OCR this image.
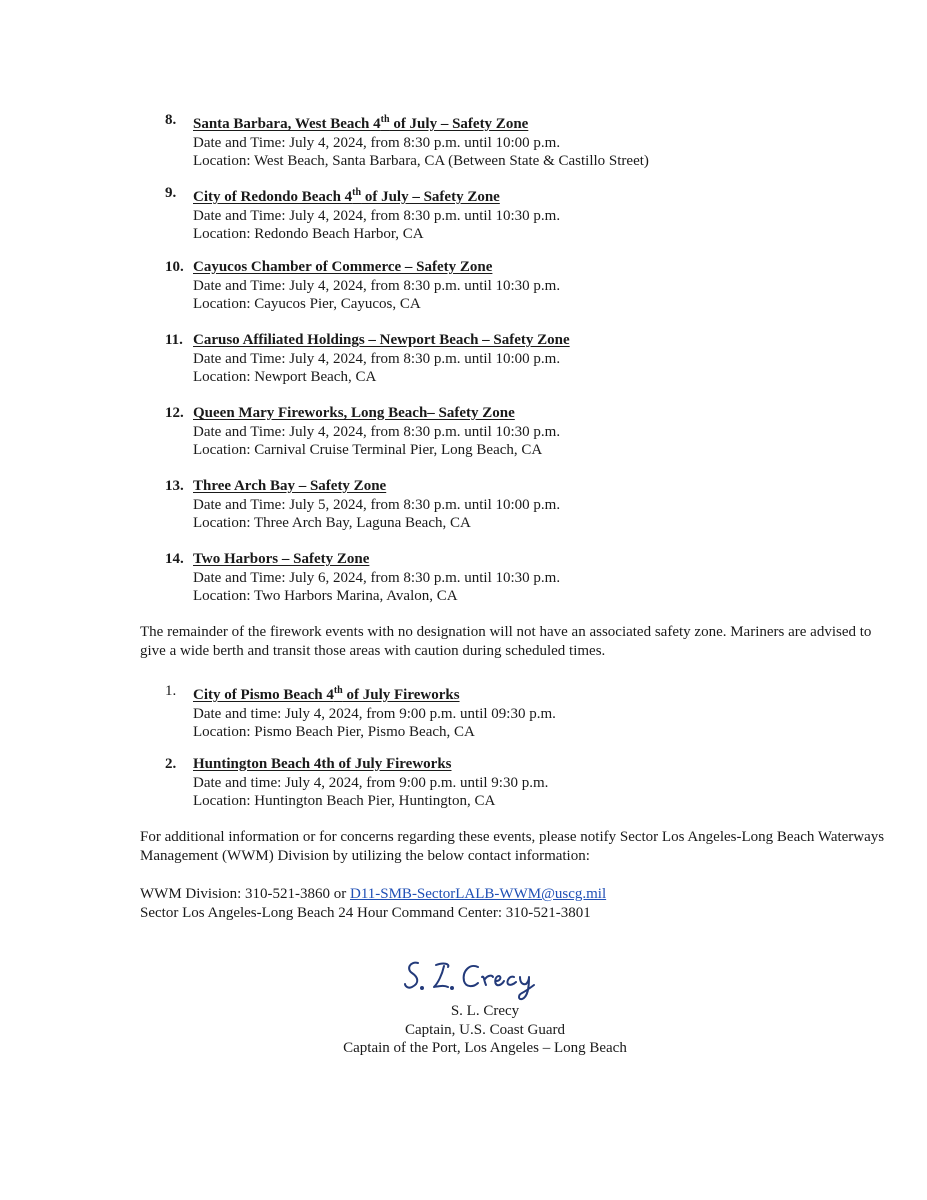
8. Santa Barbara, West Beach 4th of July – Safety Zone
Date and Time: July 4, 2024, from 8:30 p.m. until 10:00 p.m.
Location: West Beach, Santa Barbara, CA (Between State & Castillo Street)
9. City of Redondo Beach 4th of July – Safety Zone
Date and Time: July 4, 2024, from 8:30 p.m. until 10:30 p.m.
Location: Redondo Beach Harbor, CA
10. Cayucos Chamber of Commerce – Safety Zone
Date and Time: July 4, 2024, from 8:30 p.m. until 10:30 p.m.
Location: Cayucos Pier, Cayucos, CA
11. Caruso Affiliated Holdings – Newport Beach – Safety Zone
Date and Time: July 4, 2024, from 8:30 p.m. until 10:00 p.m.
Location: Newport Beach, CA
12. Queen Mary Fireworks, Long Beach– Safety Zone
Date and Time: July 4, 2024, from 8:30 p.m. until 10:30 p.m.
Location: Carnival Cruise Terminal Pier, Long Beach, CA
13. Three Arch Bay – Safety Zone
Date and Time: July 5, 2024, from 8:30 p.m. until 10:00 p.m.
Location: Three Arch Bay, Laguna Beach, CA
14. Two Harbors – Safety Zone
Date and Time: July 6, 2024, from 8:30 p.m. until 10:30 p.m.
Location: Two Harbors Marina, Avalon, CA
The remainder of the firework events with no designation will not have an associated safety zone. Mariners are advised to give a wide berth and transit those areas with caution during scheduled times.
1. City of Pismo Beach 4th of July Fireworks
Date and time: July 4, 2024, from 9:00 p.m. until 09:30 p.m.
Location: Pismo Beach Pier, Pismo Beach, CA
2. Huntington Beach 4th of July Fireworks
Date and time: July 4, 2024, from 9:00 p.m. until 9:30 p.m.
Location: Huntington Beach Pier, Huntington, CA
For additional information or for concerns regarding these events, please notify Sector Los Angeles-Long Beach Waterways Management (WWM) Division by utilizing the below contact information:
WWM Division: 310-521-3860 or D11-SMB-SectorLALB-WWM@uscg.mil
Sector Los Angeles-Long Beach 24 Hour Command Center: 310-521-3801
S. L. Crecy
Captain, U.S. Coast Guard
Captain of the Port, Los Angeles – Long Beach
